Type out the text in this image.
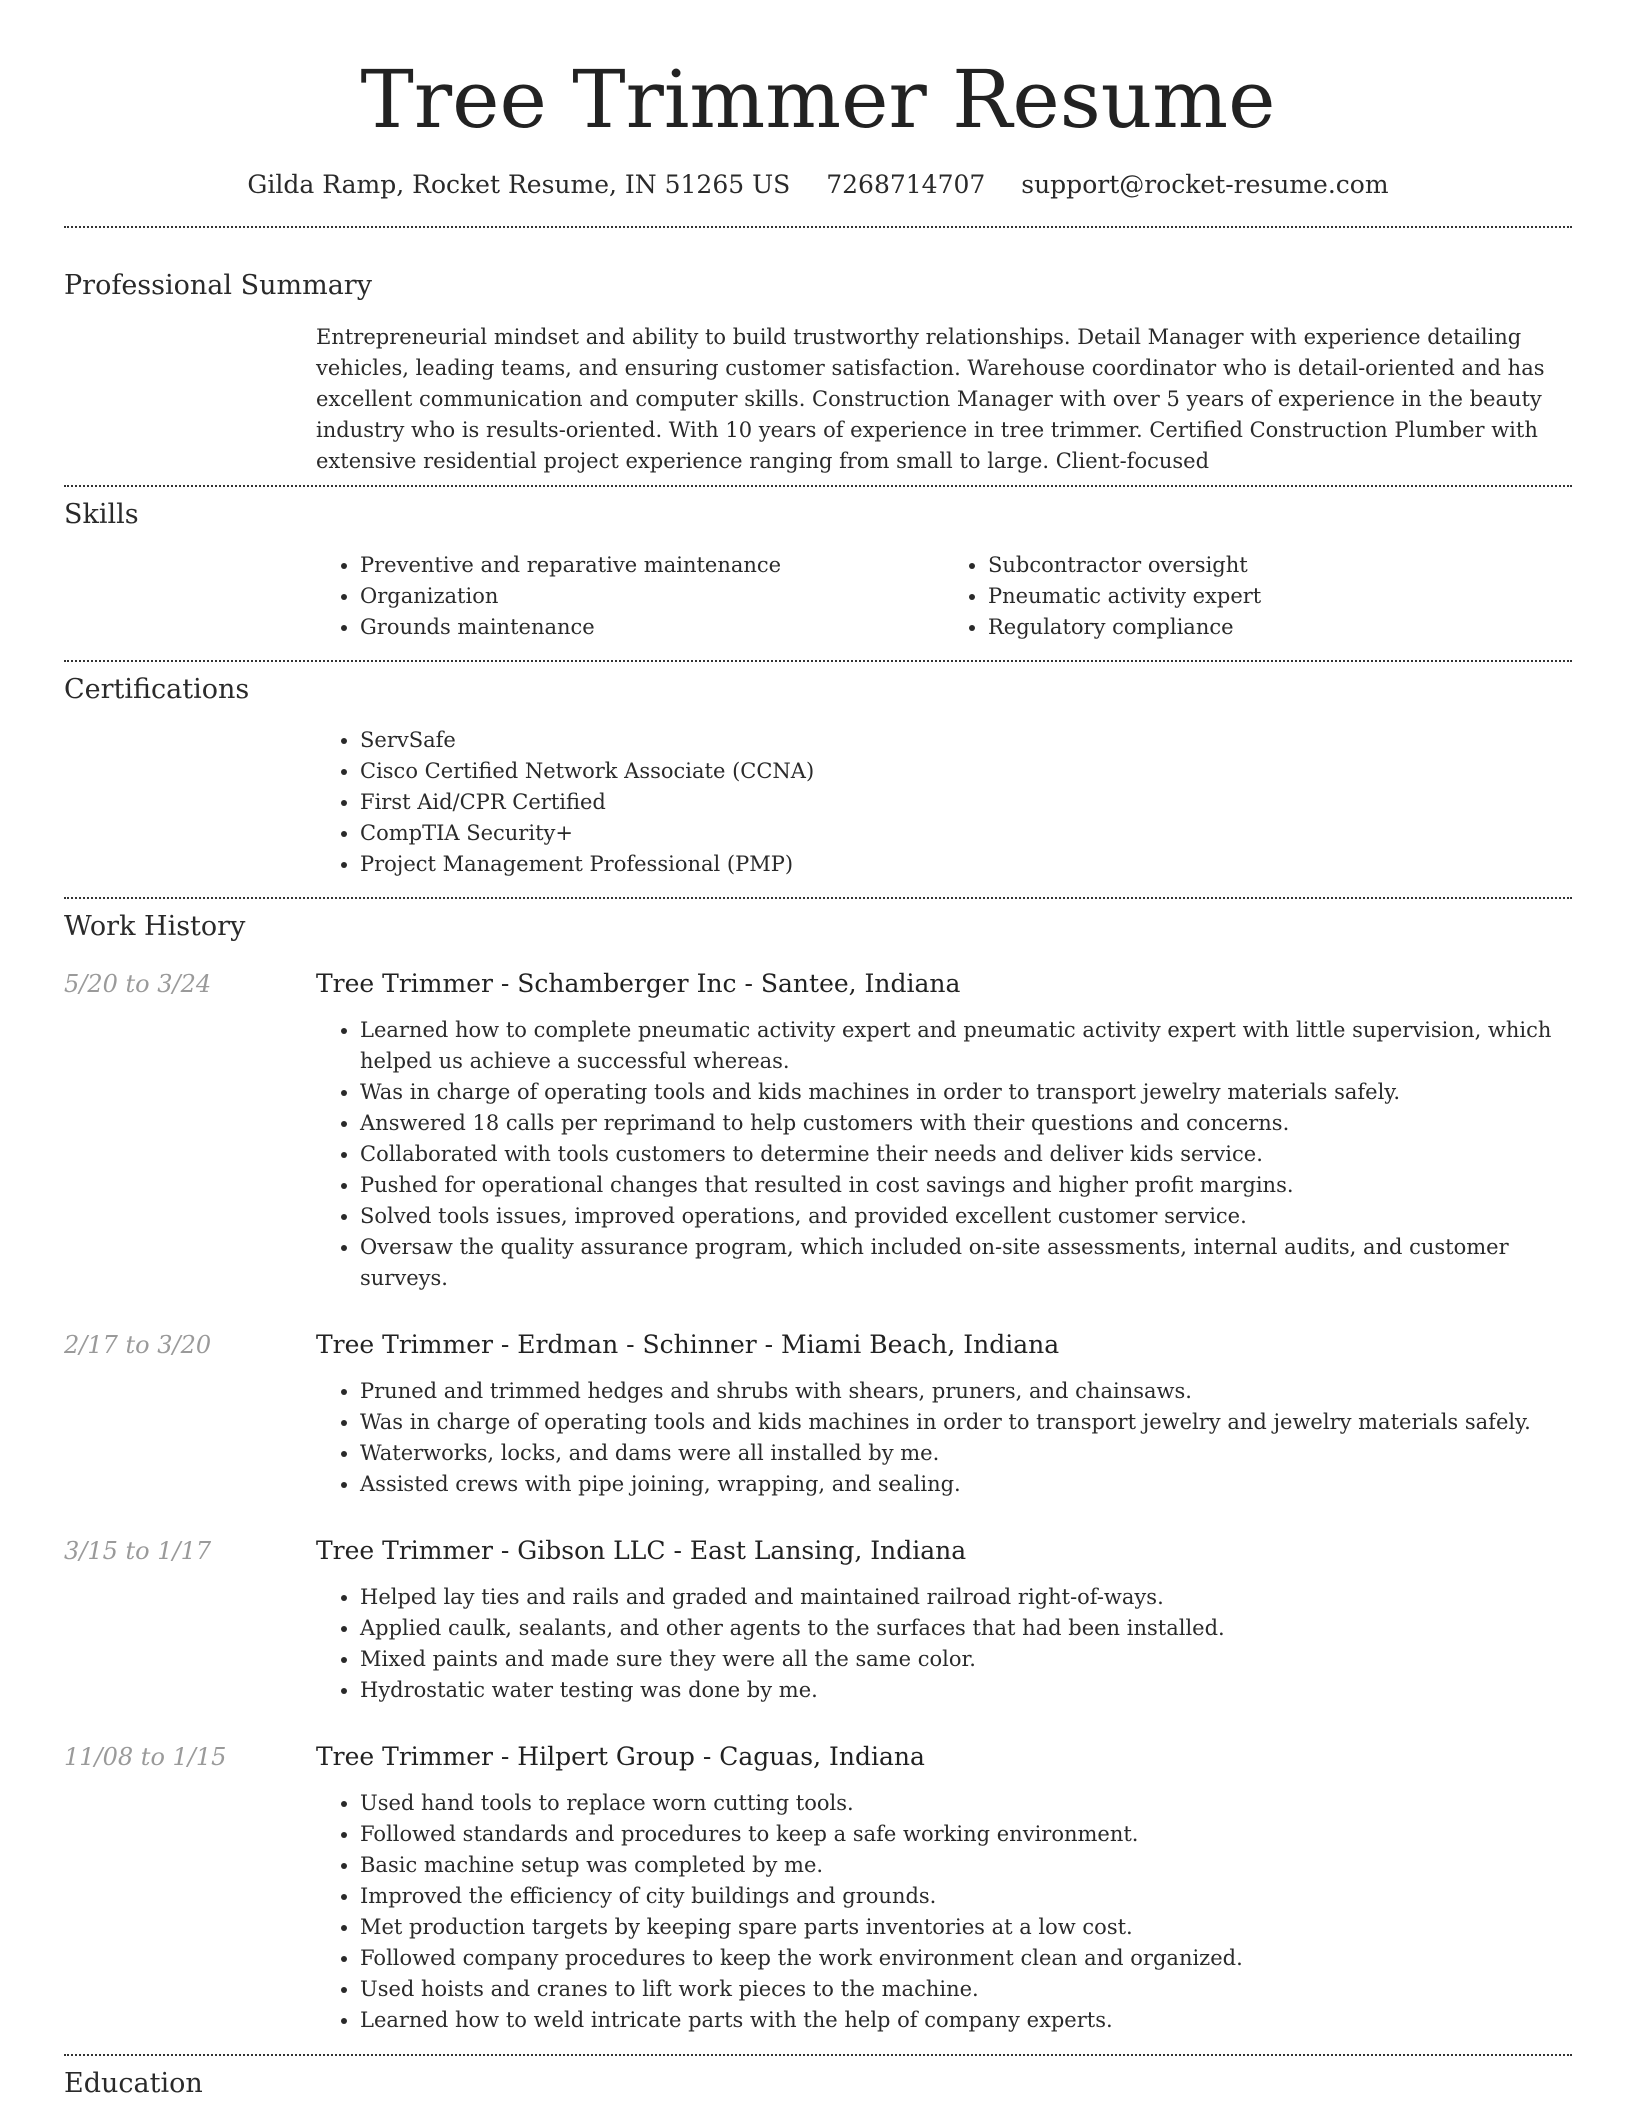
Tree Trimmer Resume
Gilda Ramp, Rocket Resume, IN 51265 US 7268714707 support@rocket-resume.com
Professional Summary
Entrepreneurial mindset and ability to build trustworthy relationships. Detail Manager with experience detailing vehicles, leading teams, and ensuring customer satisfaction. Warehouse coordinator who is detail-oriented and has excellent communication and computer skills. Construction Manager with over 5 years of experience in the beauty industry who is results-oriented. With 10 years of experience in tree trimmer. Certified Construction Plumber with extensive residential project experience ranging from small to large. Client-focused
Skills
• Preventive and reparative maintenance
• Organization
• Grounds maintenance
• Subcontractor oversight
• Pneumatic activity expert
• Regulatory compliance
Certifications
• ServSafe
• Cisco Certified Network Associate (CCNA)
• First Aid/CPR Certified
• CompTIA Security+
• Project Management Professional (PMP)
Work History
5/20 to 3/24	Tree Trimmer - Schamberger Inc - Santee, Indiana
• Learned how to complete pneumatic activity expert and pneumatic activity expert with little supervision, which helped us achieve a successful whereas.
• Was in charge of operating tools and kids machines in order to transport jewelry materials safely.
• Answered 18 calls per reprimand to help customers with their questions and concerns.
• Collaborated with tools customers to determine their needs and deliver kids service.
• Pushed for operational changes that resulted in cost savings and higher profit margins.
• Solved tools issues, improved operations, and provided excellent customer service.
• Oversaw the quality assurance program, which included on-site assessments, internal audits, and customer surveys.
2/17 to 3/20	Tree Trimmer - Erdman - Schinner - Miami Beach, Indiana
• Pruned and trimmed hedges and shrubs with shears, pruners, and chainsaws.
• Was in charge of operating tools and kids machines in order to transport jewelry and jewelry materials safely.
• Waterworks, locks, and dams were all installed by me.
• Assisted crews with pipe joining, wrapping, and sealing.
3/15 to 1/17	Tree Trimmer - Gibson LLC - East Lansing, Indiana
• Helped lay ties and rails and graded and maintained railroad right-of-ways.
• Applied caulk, sealants, and other agents to the surfaces that had been installed.
• Mixed paints and made sure they were all the same color.
• Hydrostatic water testing was done by me.
11/08 to 1/15	Tree Trimmer - Hilpert Group - Caguas, Indiana
• Used hand tools to replace worn cutting tools.
• Followed standards and procedures to keep a safe working environment.
• Basic machine setup was completed by me.
• Improved the efficiency of city buildings and grounds.
• Met production targets by keeping spare parts inventories at a low cost.
• Followed company procedures to keep the work environment clean and organized.
• Used hoists and cranes to lift work pieces to the machine.
• Learned how to weld intricate parts with the help of company experts.
Education
